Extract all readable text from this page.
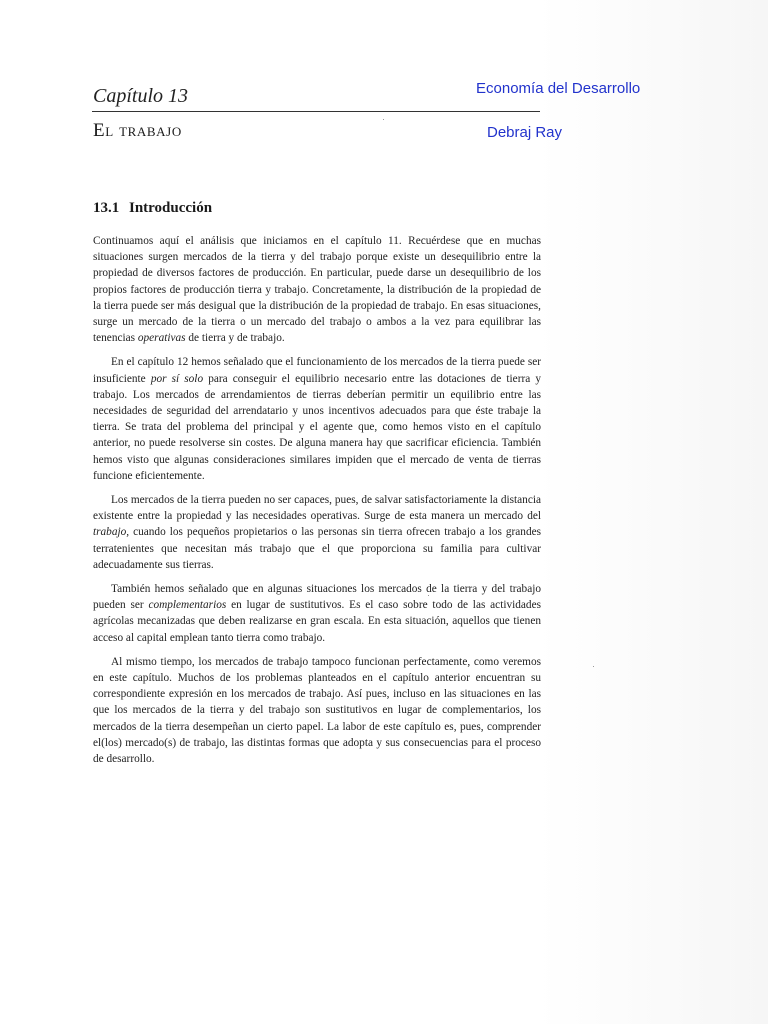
Capítulo 13
El trabajo
Economía del Desarrollo
Debraj Ray
13.1 Introducción

Continuamos aquí el análisis que iniciamos en el capítulo 11. Recuérdese que en muchas situaciones surgen mercados de la tierra y del trabajo porque existe un desequilibrio entre la propiedad de diversos factores de producción. En particular, puede darse un desequilibrio de los propios factores de producción tierra y trabajo. Concretamente, la distribución de la propiedad de la tierra puede ser más desigual que la distribución de la propiedad de trabajo. En esas situaciones, surge un mercado de la tierra o un mercado del trabajo o ambos a la vez para equilibrar las tenencias operativas de tierra y de trabajo.

En el capítulo 12 hemos señalado que el funcionamiento de los mercados de la tierra puede ser insuficiente por sí solo para conseguir el equilibrio necesario entre las dotaciones de tierra y trabajo. Los mercados de arrendamientos de tierras deberían permitir un equilibrio entre las necesidades de seguridad del arrendatario y unos incentivos adecuados para que éste trabaje la tierra. Se trata del problema del principal y el agente que, como hemos visto en el capítulo anterior, no puede resolverse sin costes. De alguna manera hay que sacrificar eficiencia. También hemos visto que algunas consideraciones similares impiden que el mercado de venta de tierras funcione eficientemente.

Los mercados de la tierra pueden no ser capaces, pues, de salvar satisfactoriamente la distancia existente entre la propiedad y las necesidades operativas. Surge de esta manera un mercado del trabajo, cuando los pequeños propietarios o las personas sin tierra ofrecen trabajo a los grandes terratenientes que necesitan más trabajo que el que proporciona su familia para cultivar adecuadamente sus tierras.

También hemos señalado que en algunas situaciones los mercados de la tierra y del trabajo pueden ser complementarios en lugar de sustitutivos. Es el caso sobre todo de las actividades agrícolas mecanizadas que deben realizarse en gran escala. En esta situación, aquellos que tienen acceso al capital emplean tanto tierra como trabajo.

Al mismo tiempo, los mercados de trabajo tampoco funcionan perfectamente, como veremos en este capítulo. Muchos de los problemas planteados en el capítulo anterior encuentran su correspondiente expresión en los mercados de trabajo. Así pues, incluso en las situaciones en las que los mercados de la tierra y del trabajo son sustitutivos en lugar de complementarios, los mercados de la tierra desempeñan un cierto papel. La labor de este capítulo es, pues, comprender el(los) mercado(s) de trabajo, las distintas formas que adopta y sus consecuencias para el proceso de desarrollo.
